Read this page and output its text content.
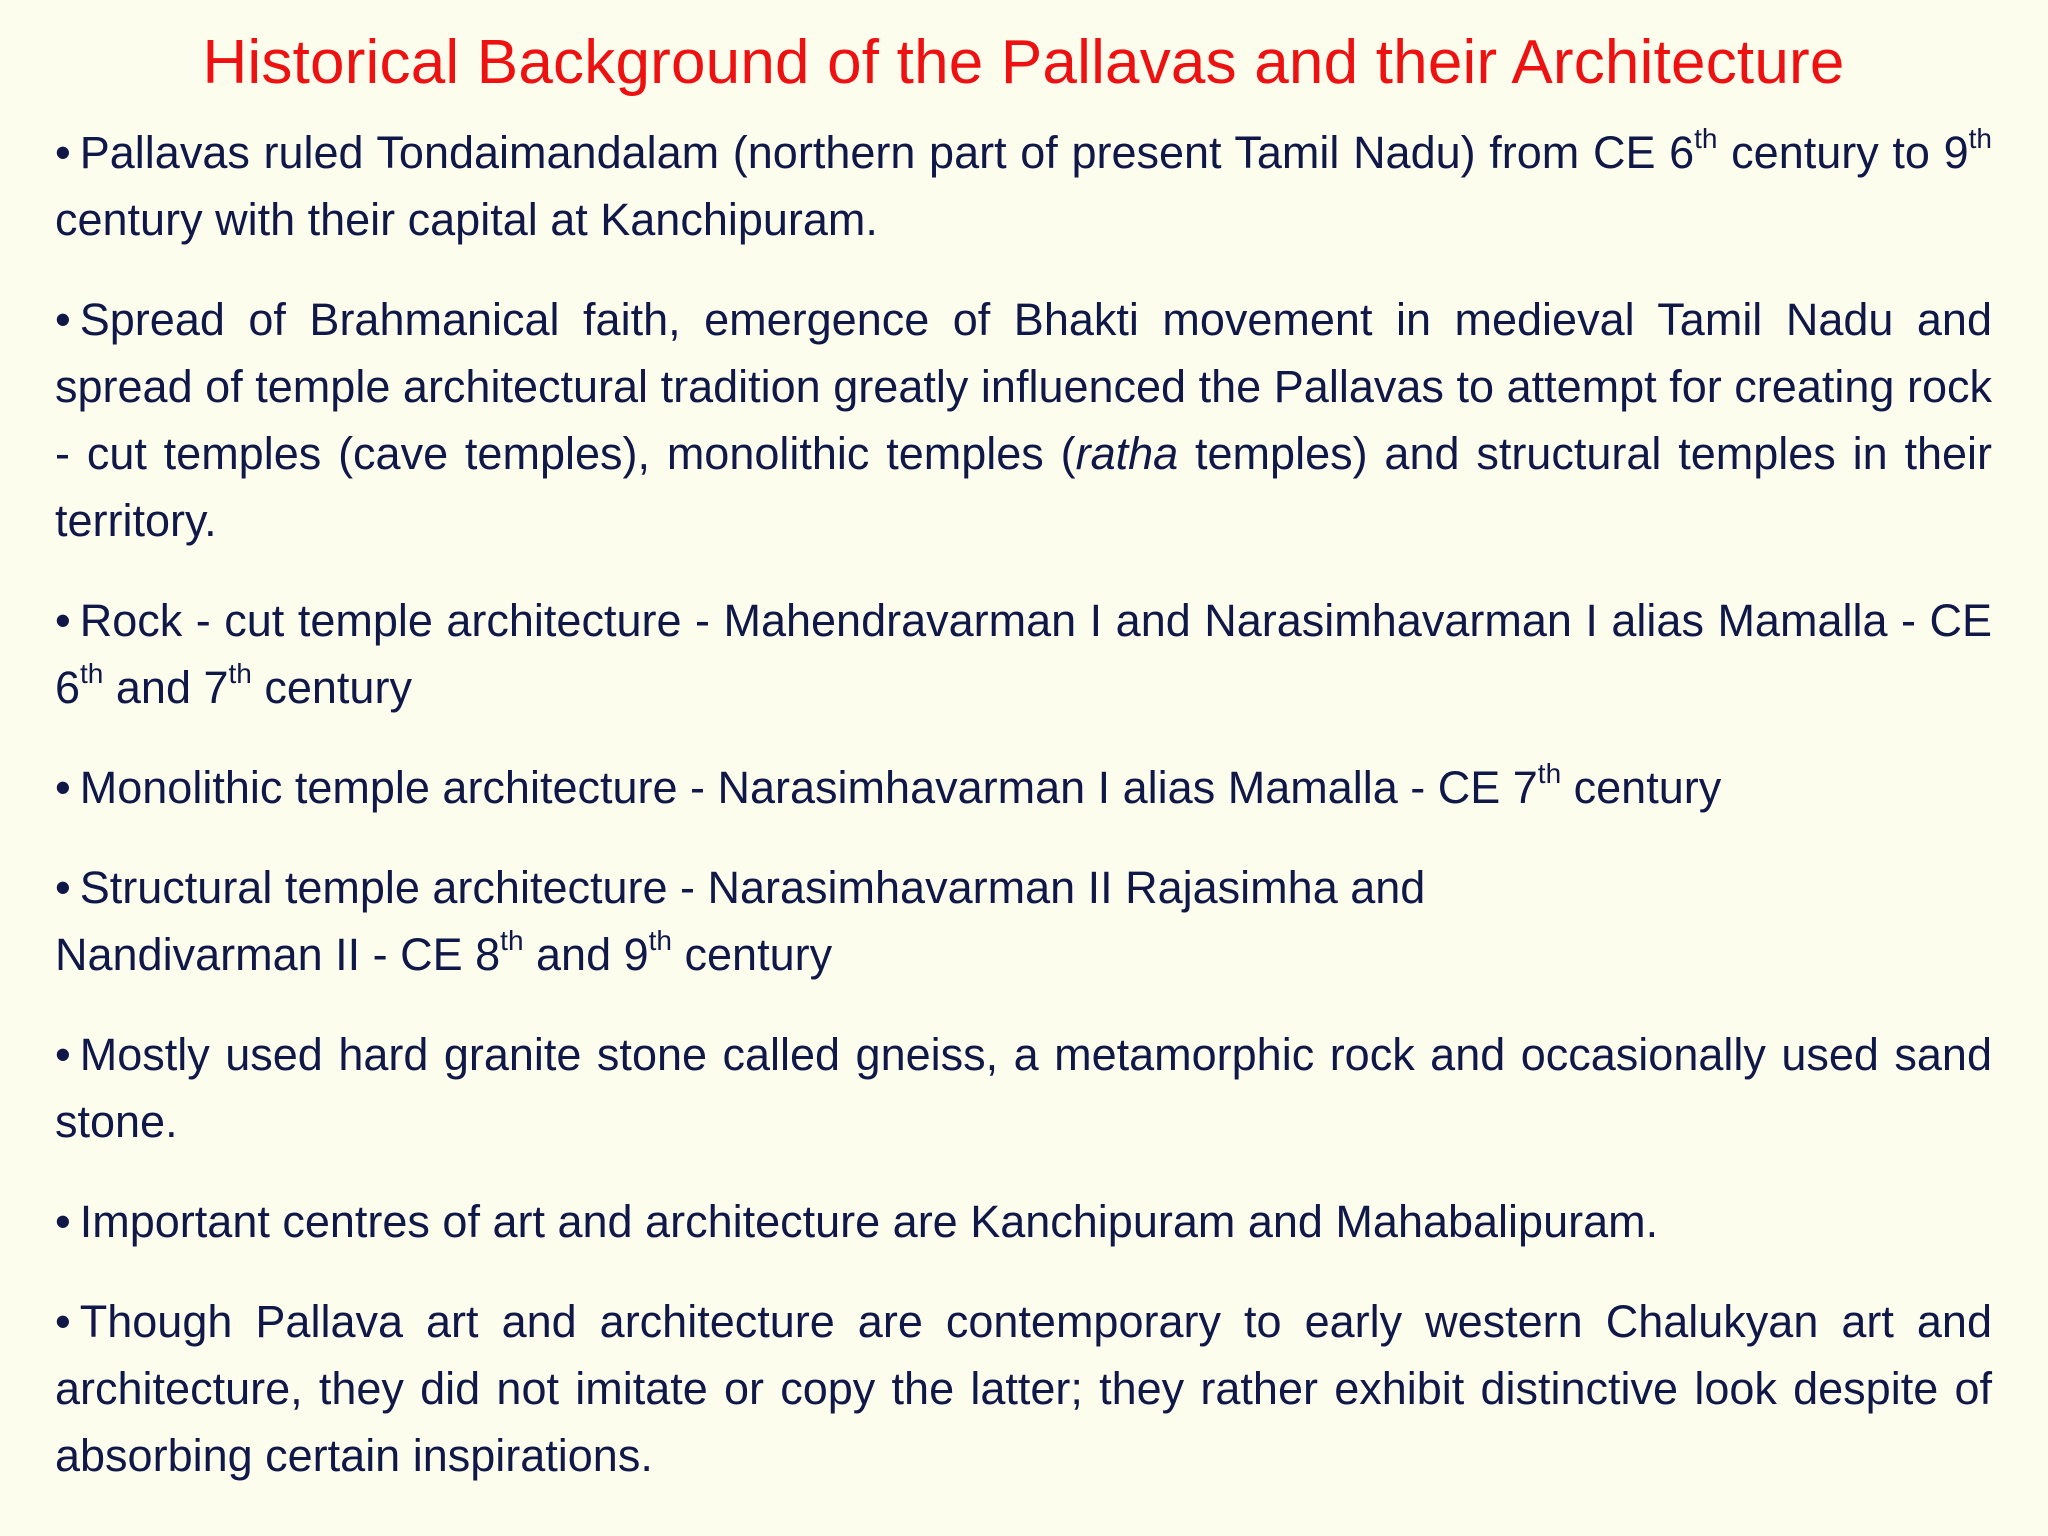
Historical Background of the Pallavas and their Architecture

• Pallavas ruled Tondaimandalam (northern part of present Tamil Nadu) from CE 6th century to 9th century with their capital at Kanchipuram.

• Spread of Brahmanical faith, emergence of Bhakti movement in medieval Tamil Nadu and spread of temple architectural tradition greatly influenced the Pallavas to attempt for creating rock - cut temples (cave temples), monolithic temples (ratha temples) and structural temples in their territory.

• Rock - cut temple architecture - Mahendravarman I and Narasimhavarman I alias Mamalla - CE 6th and 7th century

• Monolithic temple architecture - Narasimhavarman I alias Mamalla - CE 7th century

• Structural temple architecture - Narasimhavarman II Rajasimha and
Nandivarman II - CE 8th and 9th century

• Mostly used hard granite stone called gneiss, a metamorphic rock and occasionally used sand stone.

• Important centres of art and architecture are Kanchipuram and Mahabalipuram.

• Though Pallava art and architecture are contemporary to early western Chalukyan art and architecture, they did not imitate or copy the latter; they rather exhibit distinctive look despite of absorbing certain inspirations.
